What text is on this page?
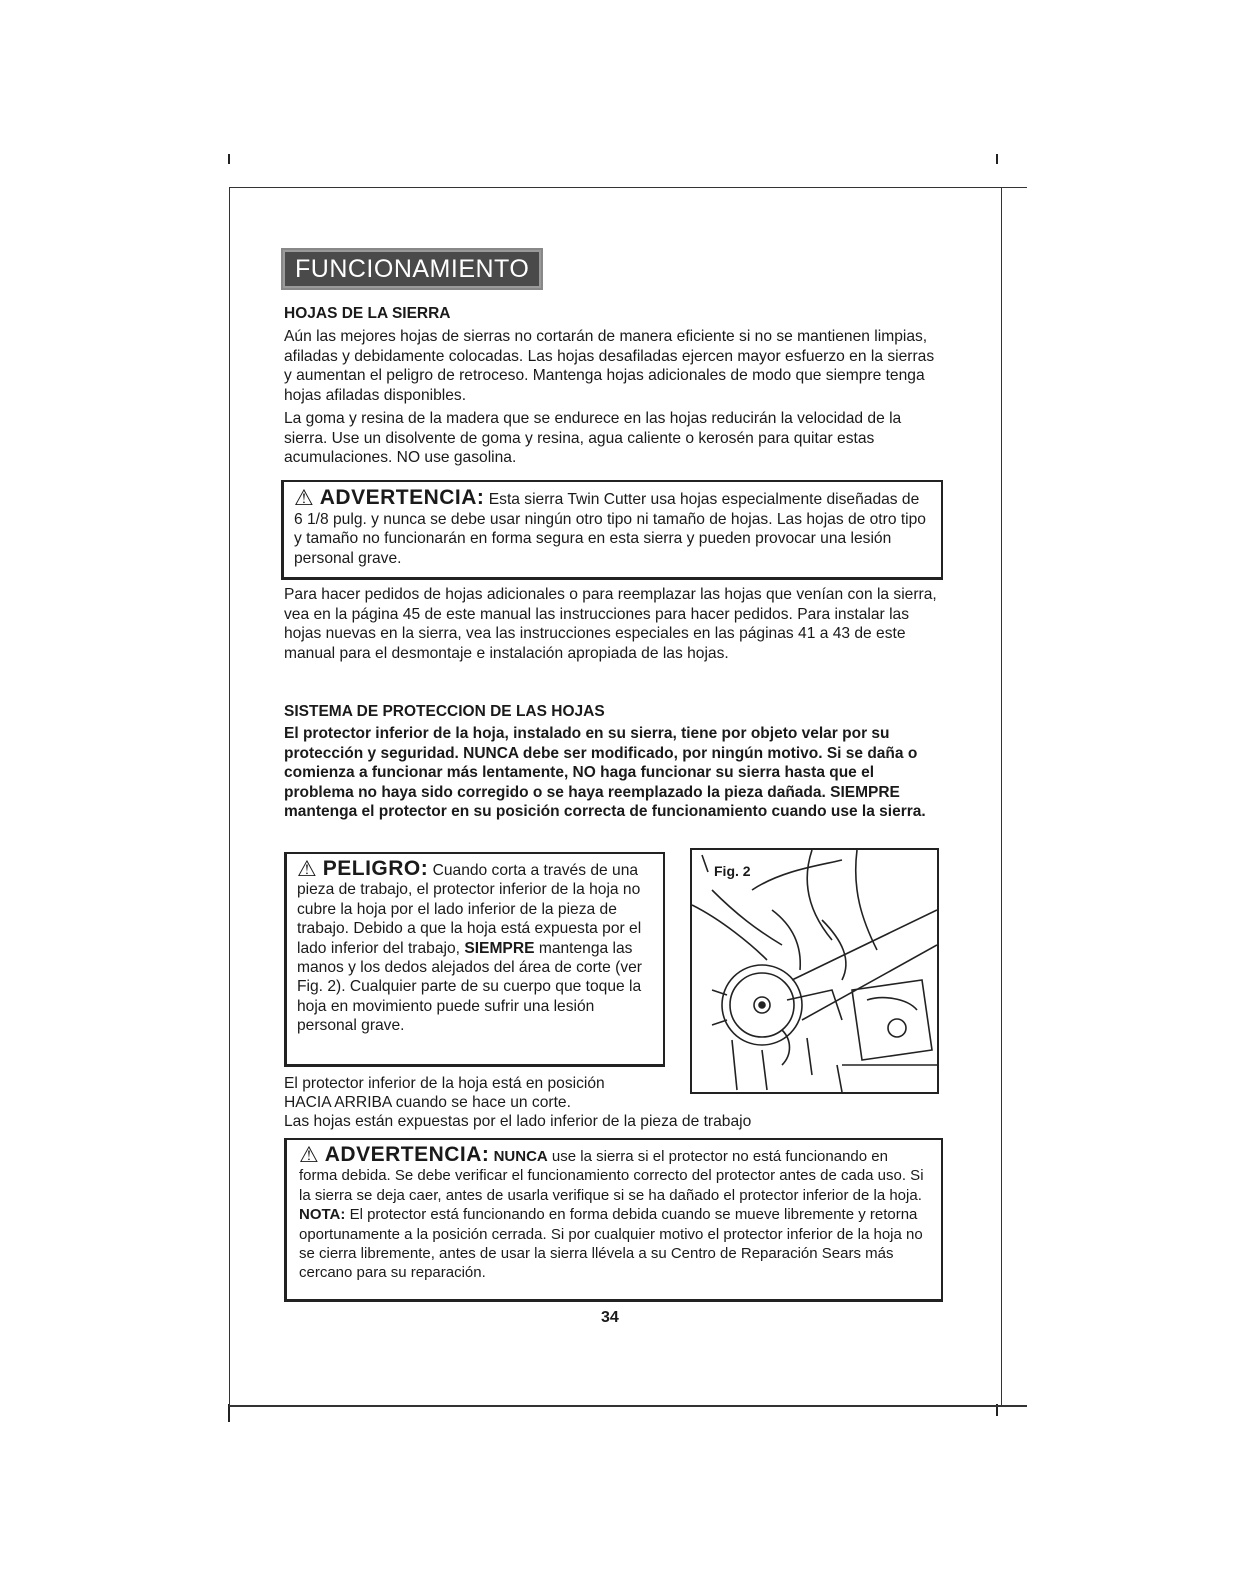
FUNCIONAMIENTO
HOJAS DE LA SIERRA
Aún las mejores hojas de sierras no cortarán de manera eficiente si no se mantienen limpias, afiladas y debidamente colocadas. Las hojas desafiladas ejercen mayor esfuerzo en la sierras y aumentan el peligro de retroceso. Mantenga hojas adicionales de modo que siempre tenga hojas afiladas disponibles.
La goma y resina de la madera que se endurece en las hojas reducirán la velocidad de la sierra. Use un disolvente de goma y resina, agua caliente o kerosén para quitar estas acumulaciones. NO use gasolina.
⚠ ADVERTENCIA: Esta sierra Twin Cutter usa hojas especialmente diseñadas de 6 1/8 pulg. y nunca se debe usar ningún otro tipo ni tamaño de hojas. Las hojas de otro tipo y tamaño no funcionarán en forma segura en esta sierra y pueden provocar una lesión personal grave.
Para hacer pedidos de hojas adicionales o para reemplazar las hojas que venían con la sierra, vea en la página 45 de este manual las instrucciones para hacer pedidos. Para instalar las hojas nuevas en la sierra, vea las instrucciones especiales en las páginas 41 a 43 de este manual para el desmontaje e instalación apropiada de las hojas.
SISTEMA DE PROTECCION DE LAS HOJAS
El protector inferior de la hoja, instalado en su sierra, tiene por objeto velar por su protección y seguridad. NUNCA debe ser modificado, por ningún motivo. Si se daña o comienza a funcionar más lentamente, NO haga funcionar su sierra hasta que el problema no haya sido corregido o se haya reemplazado la pieza dañada. SIEMPRE mantenga el protector en su posición correcta de funcionamiento cuando use la sierra.
⚠ PELIGRO: Cuando corta a través de una pieza de trabajo, el protector inferior de la hoja no cubre la hoja por el lado inferior de la pieza de trabajo. Debido a que la hoja está expuesta por el lado inferior del trabajo, SIEMPRE mantenga las manos y los dedos alejados del área de corte (ver Fig. 2). Cualquier parte de su cuerpo que toque la hoja en movimiento puede sufrir una lesión personal grave.
Fig. 2
El protector inferior de la hoja está en posición
HACIA ARRIBA cuando se hace un corte.
Las hojas están expuestas por el lado inferior de la pieza de trabajo
⚠ ADVERTENCIA: NUNCA use la sierra si el protector no está funcionando en forma debida. Se debe verificar el funcionamiento correcto del protector antes de cada uso. Si la sierra se deja caer, antes de usarla verifique si se ha dañado el protector inferior de la hoja. NOTA: El protector está funcionando en forma debida cuando se mueve libremente y retorna oportunamente a la posición cerrada. Si por cualquier motivo el protector inferior de la hoja no se cierra libremente, antes de usar la sierra llévela a su Centro de Reparación Sears más cercano para su reparación.
34
